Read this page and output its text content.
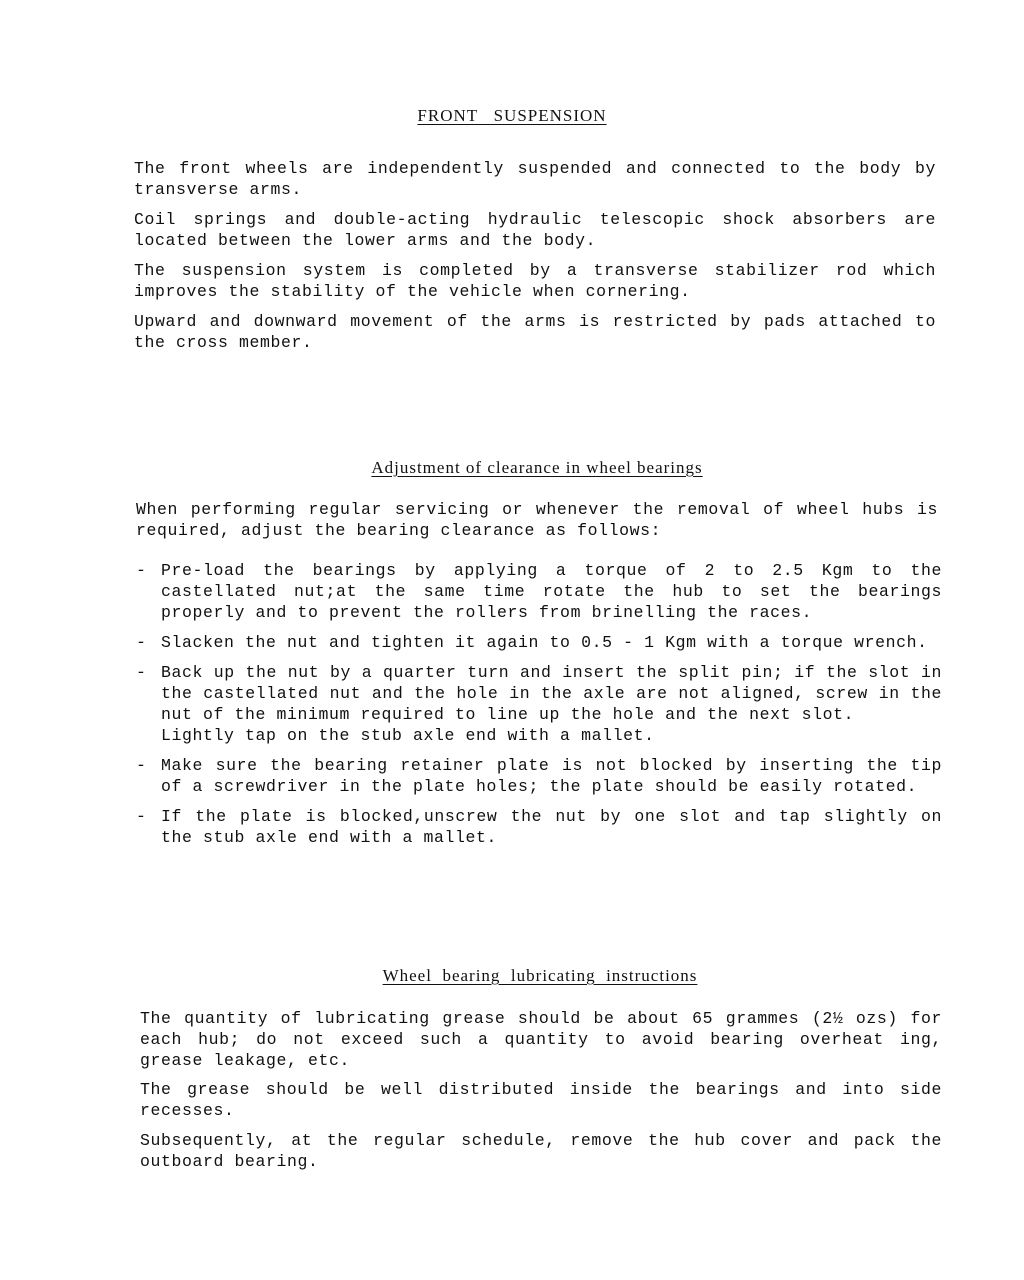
FRONT   SUSPENSION

The front wheels are independently suspended and connected to the body by transverse arms.

Coil springs and double-acting hydraulic telescopic shock absorbers are located between the lower arms and the body.

The suspension system is completed by a transverse stabilizer rod which improves the stability of the vehicle when cornering.

Upward and downward movement of the arms is restricted by pads attached to the cross member.

Adjustment of clearance in wheel bearings

When performing regular servicing or whenever the removal of wheel hubs is required, adjust the bearing clearance as follows:

- Pre-load the bearings by applying a torque of 2 to 2.5 Kgm to the castellated nut;at the same time rotate the hub to set the bearings properly and to prevent the rollers from brinelling the races.
- Slacken the nut and tighten it again to 0.5 - 1 Kgm with a torque wrench.
- Back up the nut by a quarter turn and insert the split pin; if the slot in the castellated nut and the hole in the axle are not aligned, screw in the nut of the minimum required to line up the hole and the next slot.
Lightly tap on the stub axle end with a mallet.
- Make sure the bearing retainer plate is not blocked by inserting the tip of a screwdriver in the plate holes; the plate should be easily rotated.
- If the plate is blocked,unscrew the nut by one slot and tap slightly on the stub axle end with a mallet.
Wheel  bearing  lubricating  instructions

The quantity of lubricating grease should be about 65 grammes (2½ ozs) for each hub; do not exceed such a quantity to avoid bearing overheat ing, grease leakage, etc.

The grease should be well distributed inside the bearings and into side recesses.

Subsequently, at the regular schedule, remove the hub cover and pack the outboard bearing.
